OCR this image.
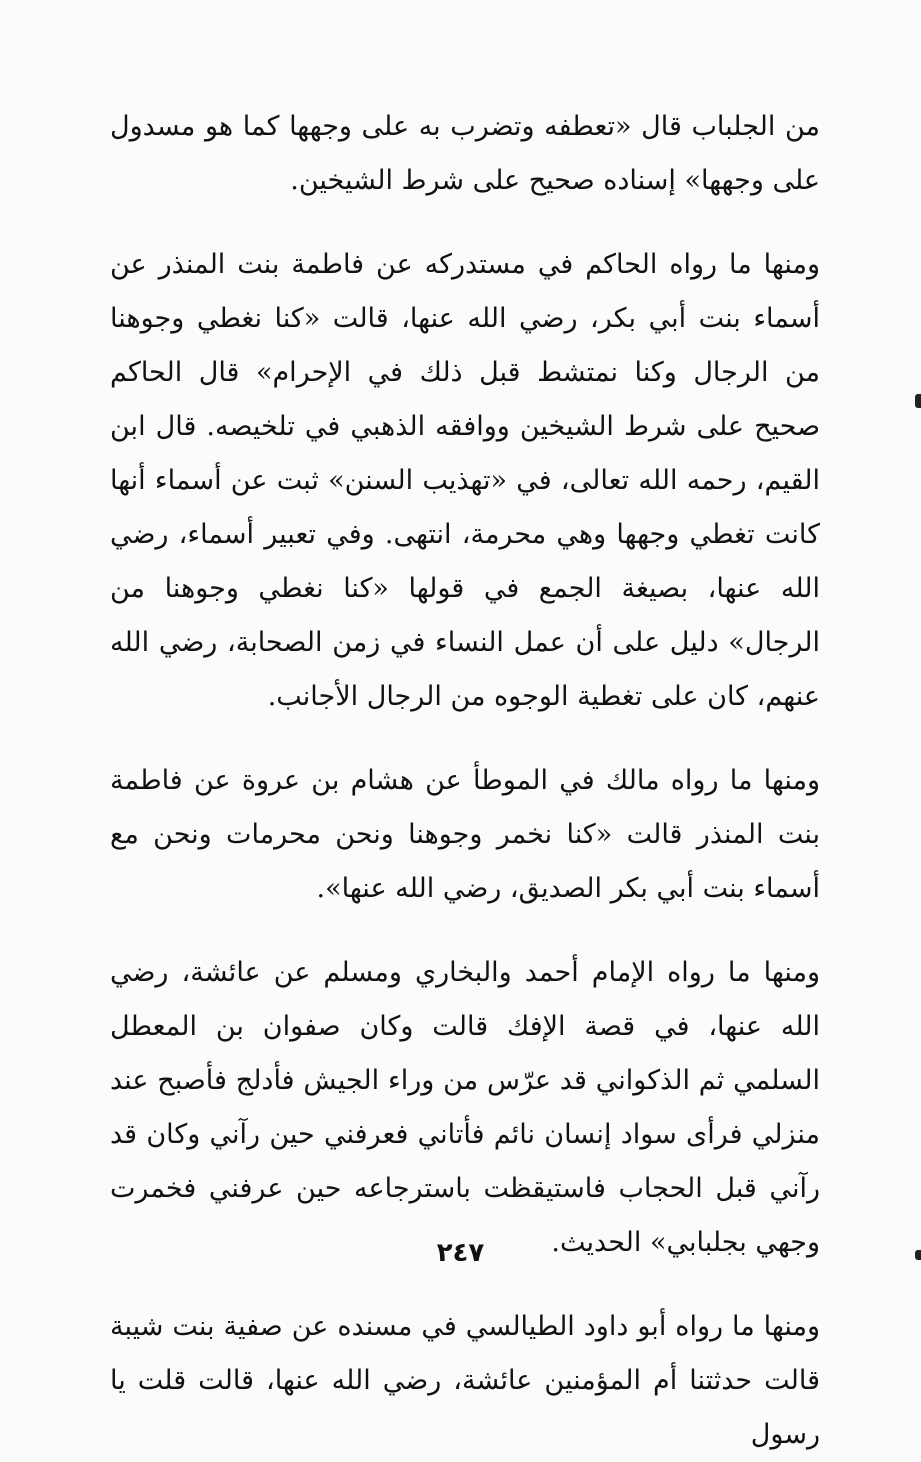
من الجلباب قال «تعطفه وتضرب به على وجهها كما هو مسدول على وجهها» إسناده صحيح على شرط الشيخين.

ومنها ما رواه الحاكم في مستدركه عن فاطمة بنت المنذر عن أسماء بنت أبي بكر، رضي الله عنها، قالت «كنا نغطي وجوهنا من الرجال وكنا نمتشط قبل ذلك في الإحرام» قال الحاكم صحيح على شرط الشيخين ووافقه الذهبي في تلخيصه. قال ابن القيم، رحمه الله تعالى، في «تهذيب السنن» ثبت عن أسماء أنها كانت تغطي وجهها وهي محرمة، انتهى. وفي تعبير أسماء، رضي الله عنها، بصيغة الجمع في قولها «كنا نغطي وجوهنا من الرجال» دليل على أن عمل النساء في زمن الصحابة، رضي الله عنهم، كان على تغطية الوجوه من الرجال الأجانب.

ومنها ما رواه مالك في الموطأ عن هشام بن عروة عن فاطمة بنت المنذر قالت «كنا نخمر وجوهنا ونحن محرمات ونحن مع أسماء بنت أبي بكر الصديق، رضي الله عنها».

ومنها ما رواه الإمام أحمد والبخاري ومسلم عن عائشة، رضي الله عنها، في قصة الإفك قالت وكان صفوان بن المعطل السلمي ثم الذكواني قد عرّس من وراء الجيش فأدلج فأصبح عند منزلي فرأى سواد إنسان نائم فأتاني فعرفني حين رآني وكان قد رآني قبل الحجاب فاستيقظت باسترجاعه حين عرفني فخمرت وجهي بجلبابي» الحديث.

ومنها ما رواه أبو داود الطيالسي في مسنده عن صفية بنت شيبة قالت حدثتنا أم المؤمنين عائشة، رضي الله عنها، قالت قلت يا رسول

٢٤٧
